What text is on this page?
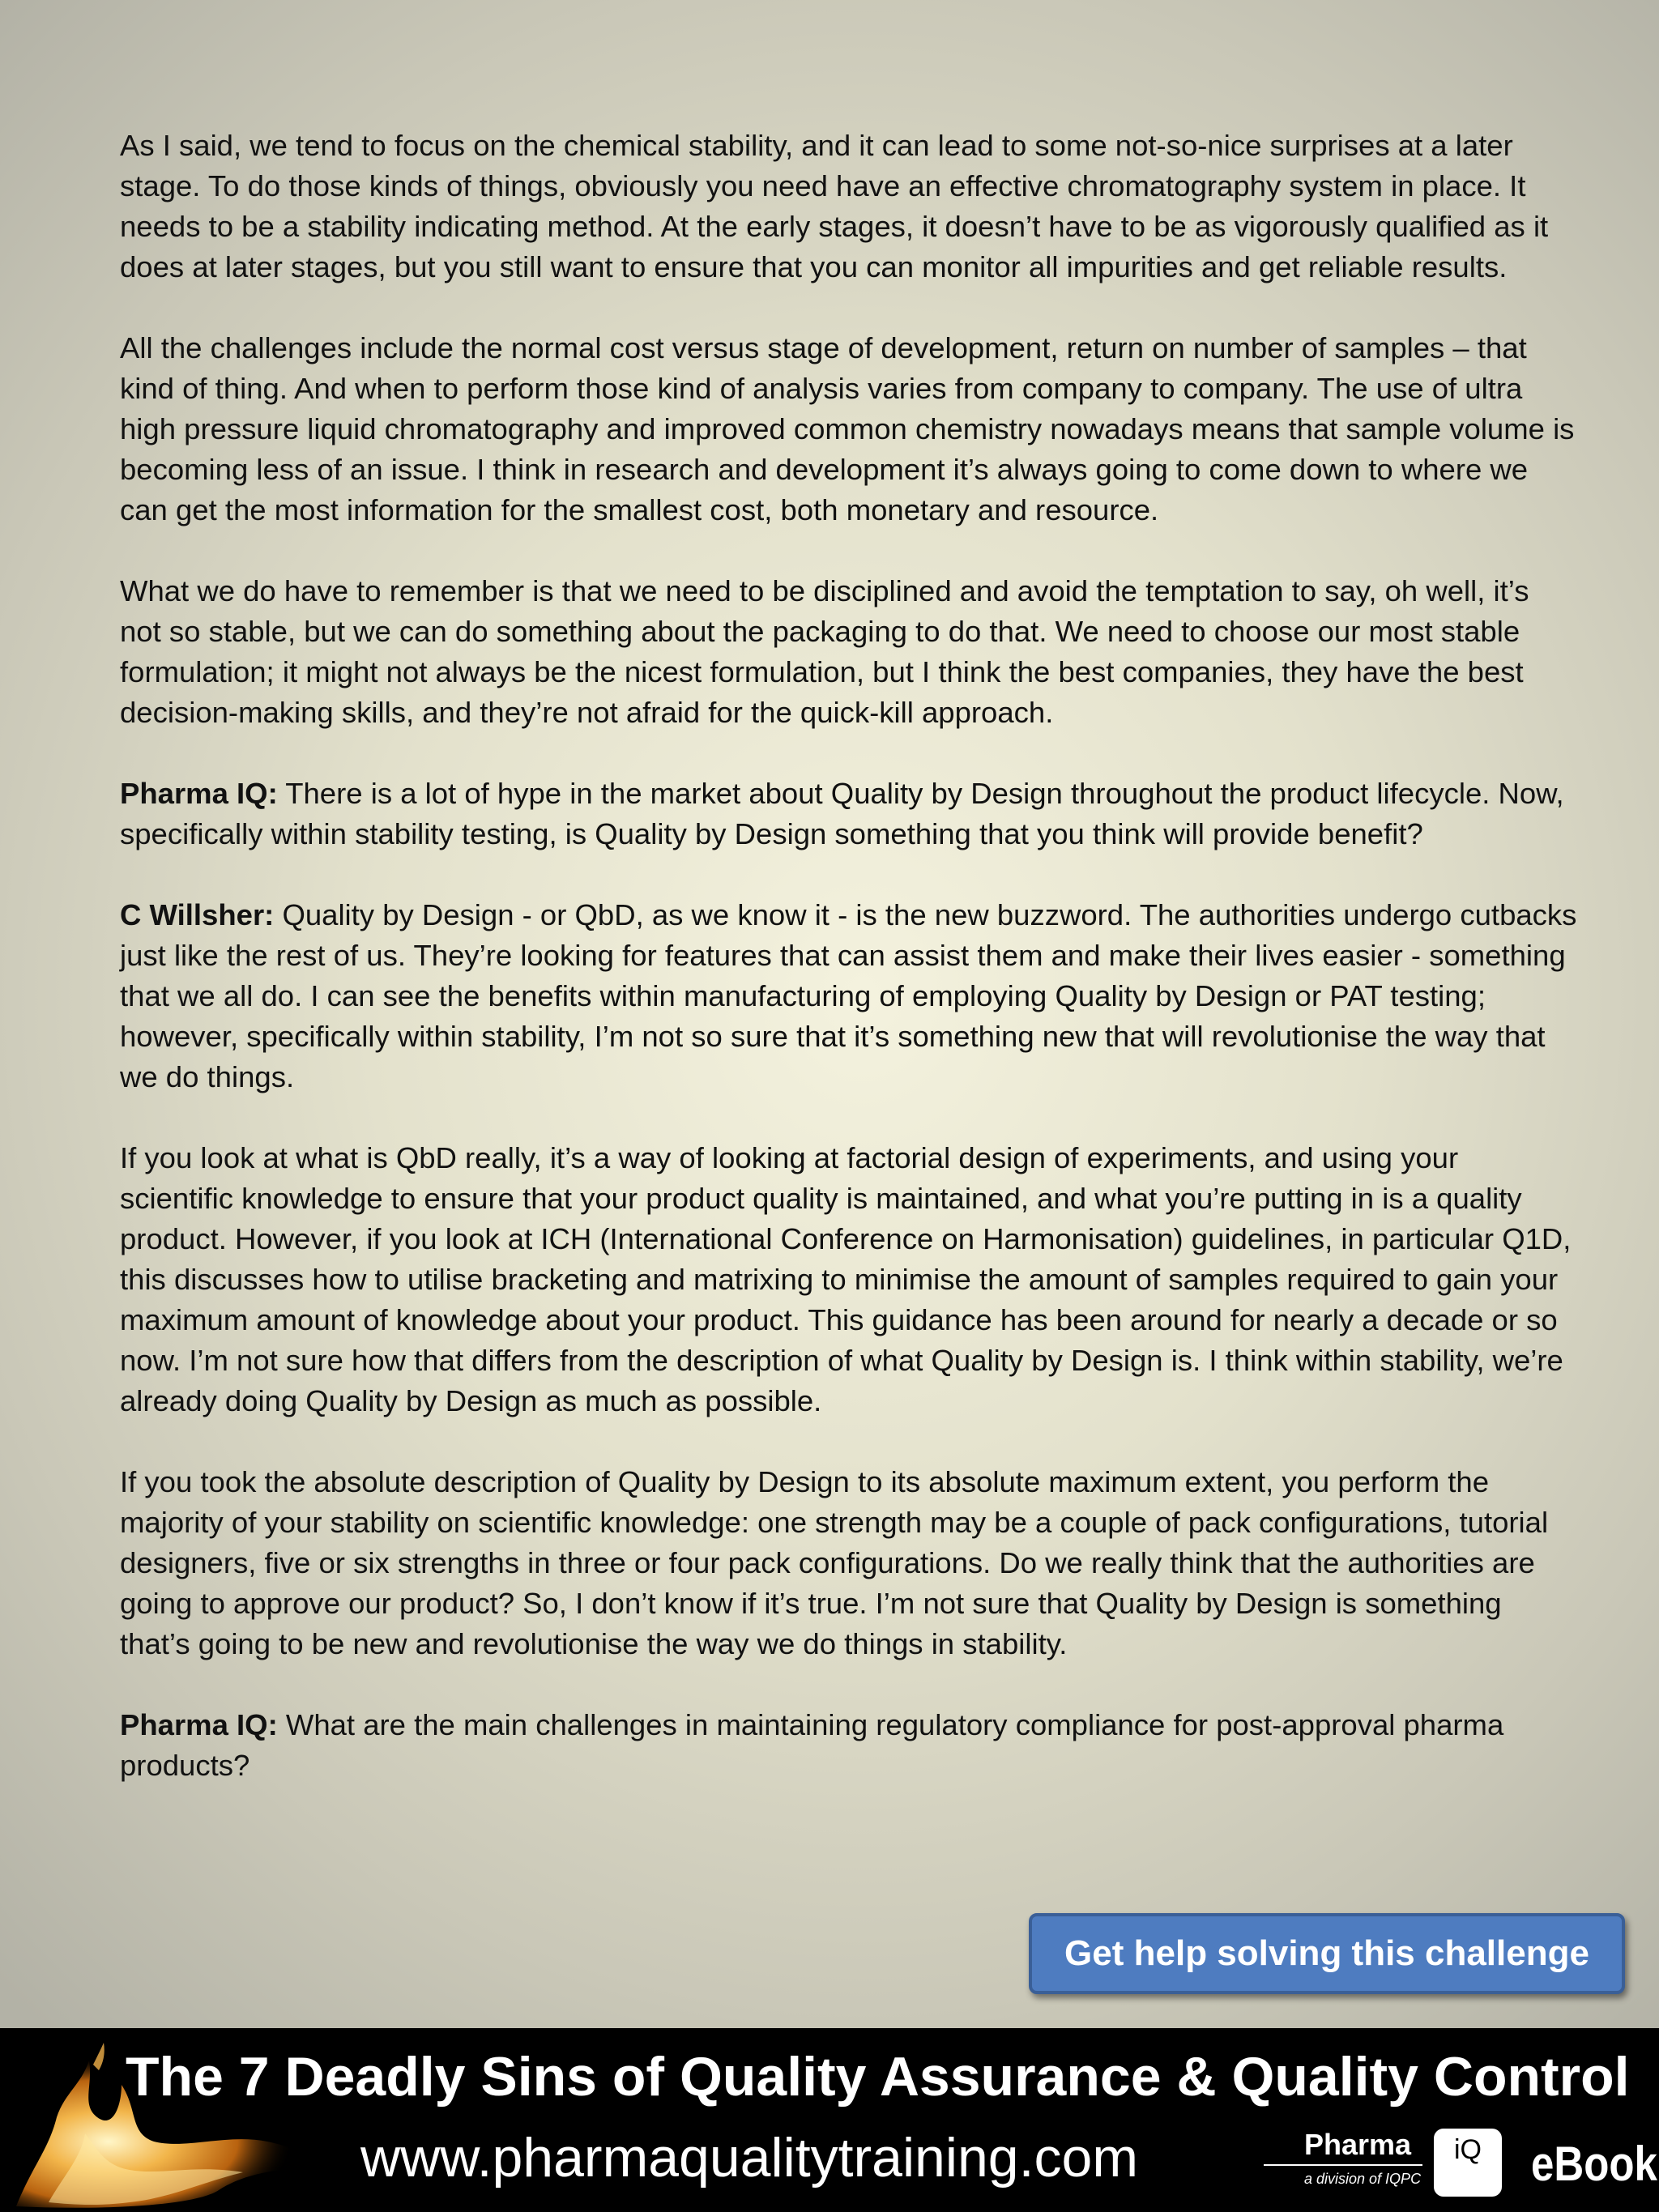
As I said, we tend to focus on the chemical stability, and it can lead to some not-so-nice surprises at a later stage. To do those kinds of things, obviously you need have an effective chromatography system in place. It needs to be a stability indicating method. At the early stages, it doesn’t have to be as vigorously qualified as it does at later stages, but you still want to ensure that you can monitor all impurities and get reliable results.

All the challenges include the normal cost versus stage of development, return on number of samples – that kind of thing. And when to perform those kind of analysis varies from company to company. The use of ultra high pressure liquid chromatography and improved common chemistry nowadays means that sample volume is becoming less of an issue. I think in research and development it’s always going to come down to where we can get the most information for the smallest cost, both monetary and resource.

What we do have to remember is that we need to be disciplined and avoid the temptation to say, oh well, it’s not so stable, but we can do something about the packaging to do that. We need to choose our most stable formulation; it might not always be the nicest formulation, but I think the best companies, they have the best decision-making skills, and they’re not afraid for the quick-kill approach.

Pharma IQ: There is a lot of hype in the market about Quality by Design throughout the product lifecycle. Now, specifically within stability testing, is Quality by Design something that you think will provide benefit?

C Willsher: Quality by Design - or QbD, as we know it - is the new buzzword. The authorities undergo cutbacks just like the rest of us. They’re looking for features that can assist them and make their lives easier - something that we all do. I can see the benefits within manufacturing of employing Quality by Design or PAT testing; however, specifically within stability, I’m not so sure that it’s something new that will revolutionise the way that we do things.

If you look at what is QbD really, it’s a way of looking at factorial design of experiments, and using your scientific knowledge to ensure that your product quality is maintained, and what you’re putting in is a quality product. However, if you look at ICH (International Conference on Harmonisation) guidelines, in particular Q1D, this discusses how to utilise bracketing and matrixing to minimise the amount of samples required to gain your maximum amount of knowledge about your product. This guidance has been around for nearly a decade or so now. I’m not sure how that differs from the description of what Quality by Design is. I think within stability, we’re already doing Quality by Design as much as possible.

If you took the absolute description of Quality by Design to its absolute maximum extent, you perform the majority of your stability on scientific knowledge: one strength may be a couple of pack configurations, tutorial designers, five or six strengths in three or four pack configurations. Do we really think that the authorities are going to approve our product? So, I don’t know if it’s true. I’m not sure that Quality by Design is something that’s going to be new and revolutionise the way we do things in stability.

Pharma IQ: What are the main challenges in maintaining regulatory compliance for post-approval pharma products?

Get help solving this challenge
The 7 Deadly Sins of Quality Assurance & Quality Control
www.pharmaqualitytraining.com	Pharma
a division of IQPC
iQ	eBook
